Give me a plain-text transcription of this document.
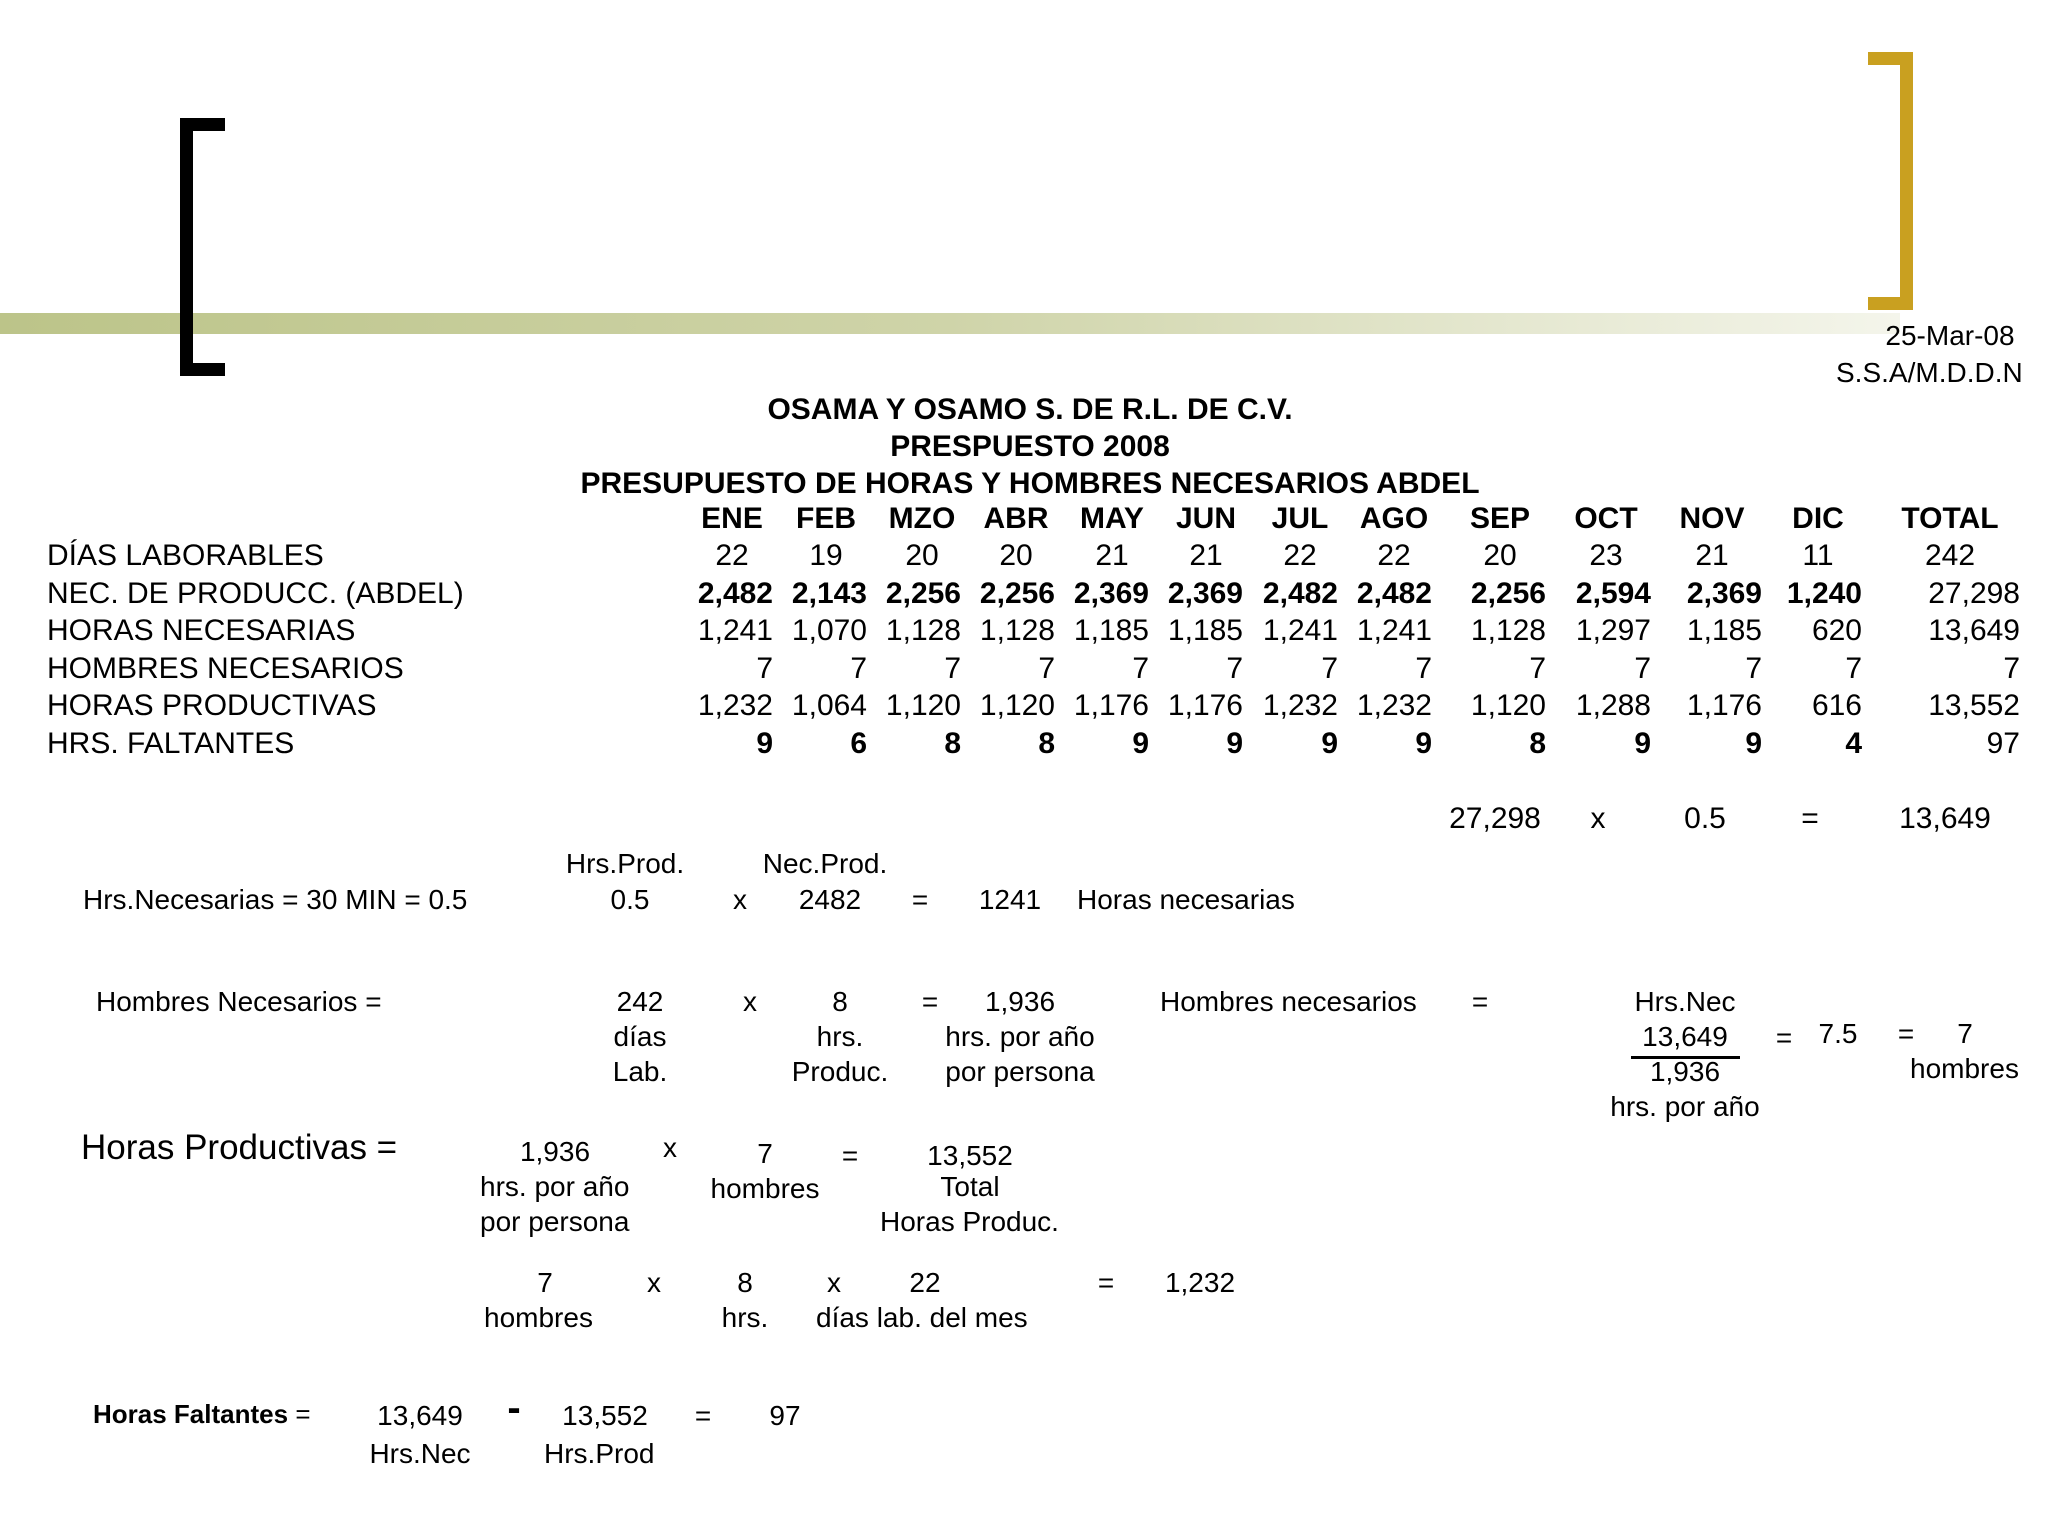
25-Mar-08
S.S.A/M.D.D.N
OSAMA Y OSAMO S. DE R.L. DE C.V.
PRESPUESTO 2008
PRESUPUESTO DE HORAS Y HOMBRES NECESARIOS ABDEL
ENE	FEB	MZO ABR	MAY	JUN	JUL	AGO	SEP	OCT	NOV	DIC	TOTAL
DÍAS LABORABLES	22	19	20	20	21	21	22	22	20	23	21	11	242
NEC. DE PRODUCC. (ABDEL)	2,482 2,143 2,256 2,256 2,369 2,369 2,482 2,482	2,256 2,594	2,369 1,240	27,298
HORAS NECESARIAS	1,241 1,070 1,128 1,128 1,185 1,185 1,241 1,241	1,128 1,297	1,185	620	13,649
HOMBRES NECESARIOS	7	7	7	7	7	7	7	7	7	7	7	7	7
HORAS PRODUCTIVAS	1,232 1,064 1,120 1,120 1,176 1,176 1,232 1,232	1,120 1,288	1,176	616	13,552
HRS. FALTANTES	9	6	8	8	9	9	9	9	8	9	9	4	97
27,298	x	0.5	=	13,649
Hrs.Prod.	Nec.Prod.
Hrs.Necesarias = 30 MIN = 0.5	0.5	x	2482	=	1241	Horas necesarias
Hombres Necesarios =	242
días
Lab.
x	8
hrs.
Produc.
=	1,936
hrs. por año
por persona
Hombres necesarios	=	Hrs.Nec
13,649
1,936
hrs. por año
= 7.5	=	7
hombres
Horas Productivas =	1,936
hrs. por año
por persona
x	7
hombres
=	13,552
Total
Horas Produc.
7
hombres
x	8
hrs.
x	22
días lab. del mes
=	1,232
Horas Faltantes =	13,649
Hrs.Nec
-	13,552
Hrs.Prod
=	97
